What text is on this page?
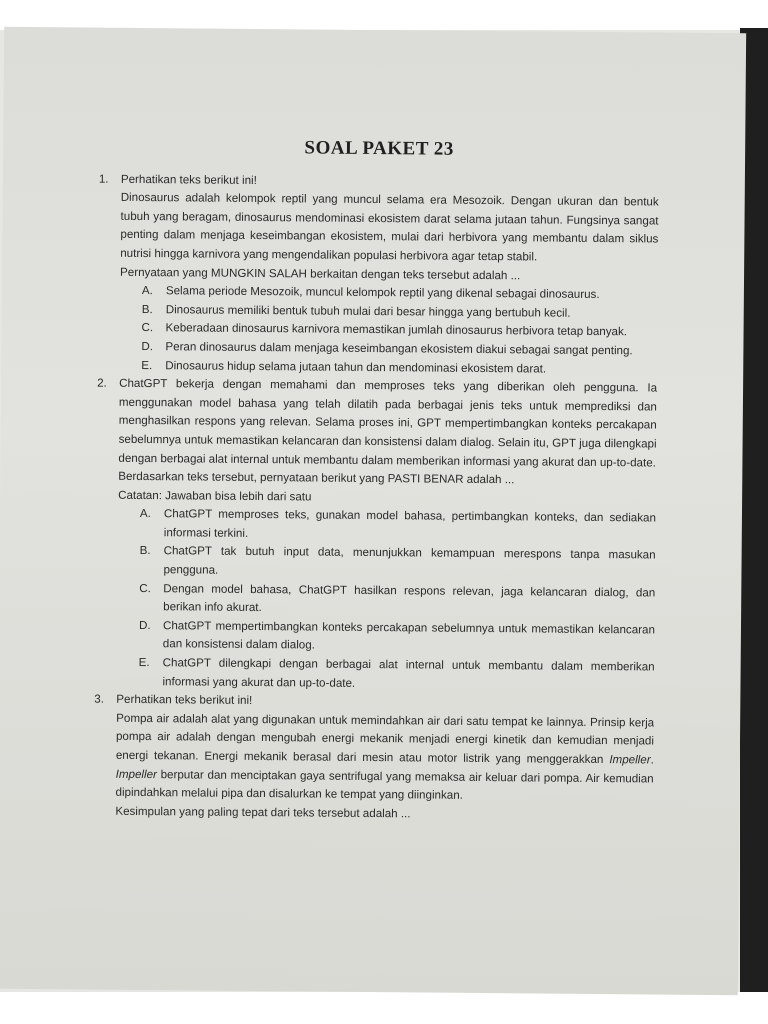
SOAL PAKET 23
1. Perhatikan teks berikut ini!

Dinosaurus adalah kelompok reptil yang muncul selama era Mesozoik. Dengan ukuran dan bentuk tubuh yang beragam, dinosaurus mendominasi ekosistem darat selama jutaan tahun. Fungsinya sangat penting dalam menjaga keseimbangan ekosistem, mulai dari herbivora yang membantu dalam siklus nutrisi hingga karnivora yang mengendalikan populasi herbivora agar tetap stabil.

Pernyataan yang MUNGKIN SALAH berkaitan dengan teks tersebut adalah ...

A. Selama periode Mesozoik, muncul kelompok reptil yang dikenal sebagai dinosaurus.
B. Dinosaurus memiliki bentuk tubuh mulai dari besar hingga yang bertubuh kecil.
C. Keberadaan dinosaurus karnivora memastikan jumlah dinosaurus herbivora tetap banyak.
D. Peran dinosaurus dalam menjaga keseimbangan ekosistem diakui sebagai sangat penting.
E. Dinosaurus hidup selama jutaan tahun dan mendominasi ekosistem darat.
2. ChatGPT bekerja dengan memahami dan memproses teks yang diberikan oleh pengguna. Ia menggunakan model bahasa yang telah dilatih pada berbagai jenis teks untuk memprediksi dan menghasilkan respons yang relevan. Selama proses ini, GPT mempertimbangkan konteks percakapan sebelumnya untuk memastikan kelancaran dan konsistensi dalam dialog. Selain itu, GPT juga dilengkapi dengan berbagai alat internal untuk membantu dalam memberikan informasi yang akurat dan up-to-date.

Berdasarkan teks tersebut, pernyataan berikut yang PASTI BENAR adalah ...

Catatan: Jawaban bisa lebih dari satu

A. ChatGPT memproses teks, gunakan model bahasa, pertimbangkan konteks, dan sediakan informasi terkini.
B. ChatGPT tak butuh input data, menunjukkan kemampuan merespons tanpa masukan pengguna.
C. Dengan model bahasa, ChatGPT hasilkan respons relevan, jaga kelancaran dialog, dan berikan info akurat.
D. ChatGPT mempertimbangkan konteks percakapan sebelumnya untuk memastikan kelancaran dan konsistensi dalam dialog.
E. ChatGPT dilengkapi dengan berbagai alat internal untuk membantu dalam memberikan informasi yang akurat dan up-to-date.
3. Perhatikan teks berikut ini!

Pompa air adalah alat yang digunakan untuk memindahkan air dari satu tempat ke lainnya. Prinsip kerja pompa air adalah dengan mengubah energi mekanik menjadi energi kinetik dan kemudian menjadi energi tekanan. Energi mekanik berasal dari mesin atau motor listrik yang menggerakkan Impeller. Impeller berputar dan menciptakan gaya sentrifugal yang memaksa air keluar dari pompa. Air kemudian dipindahkan melalui pipa dan disalurkan ke tempat yang diinginkan.

Kesimpulan yang paling tepat dari teks tersebut adalah ...
